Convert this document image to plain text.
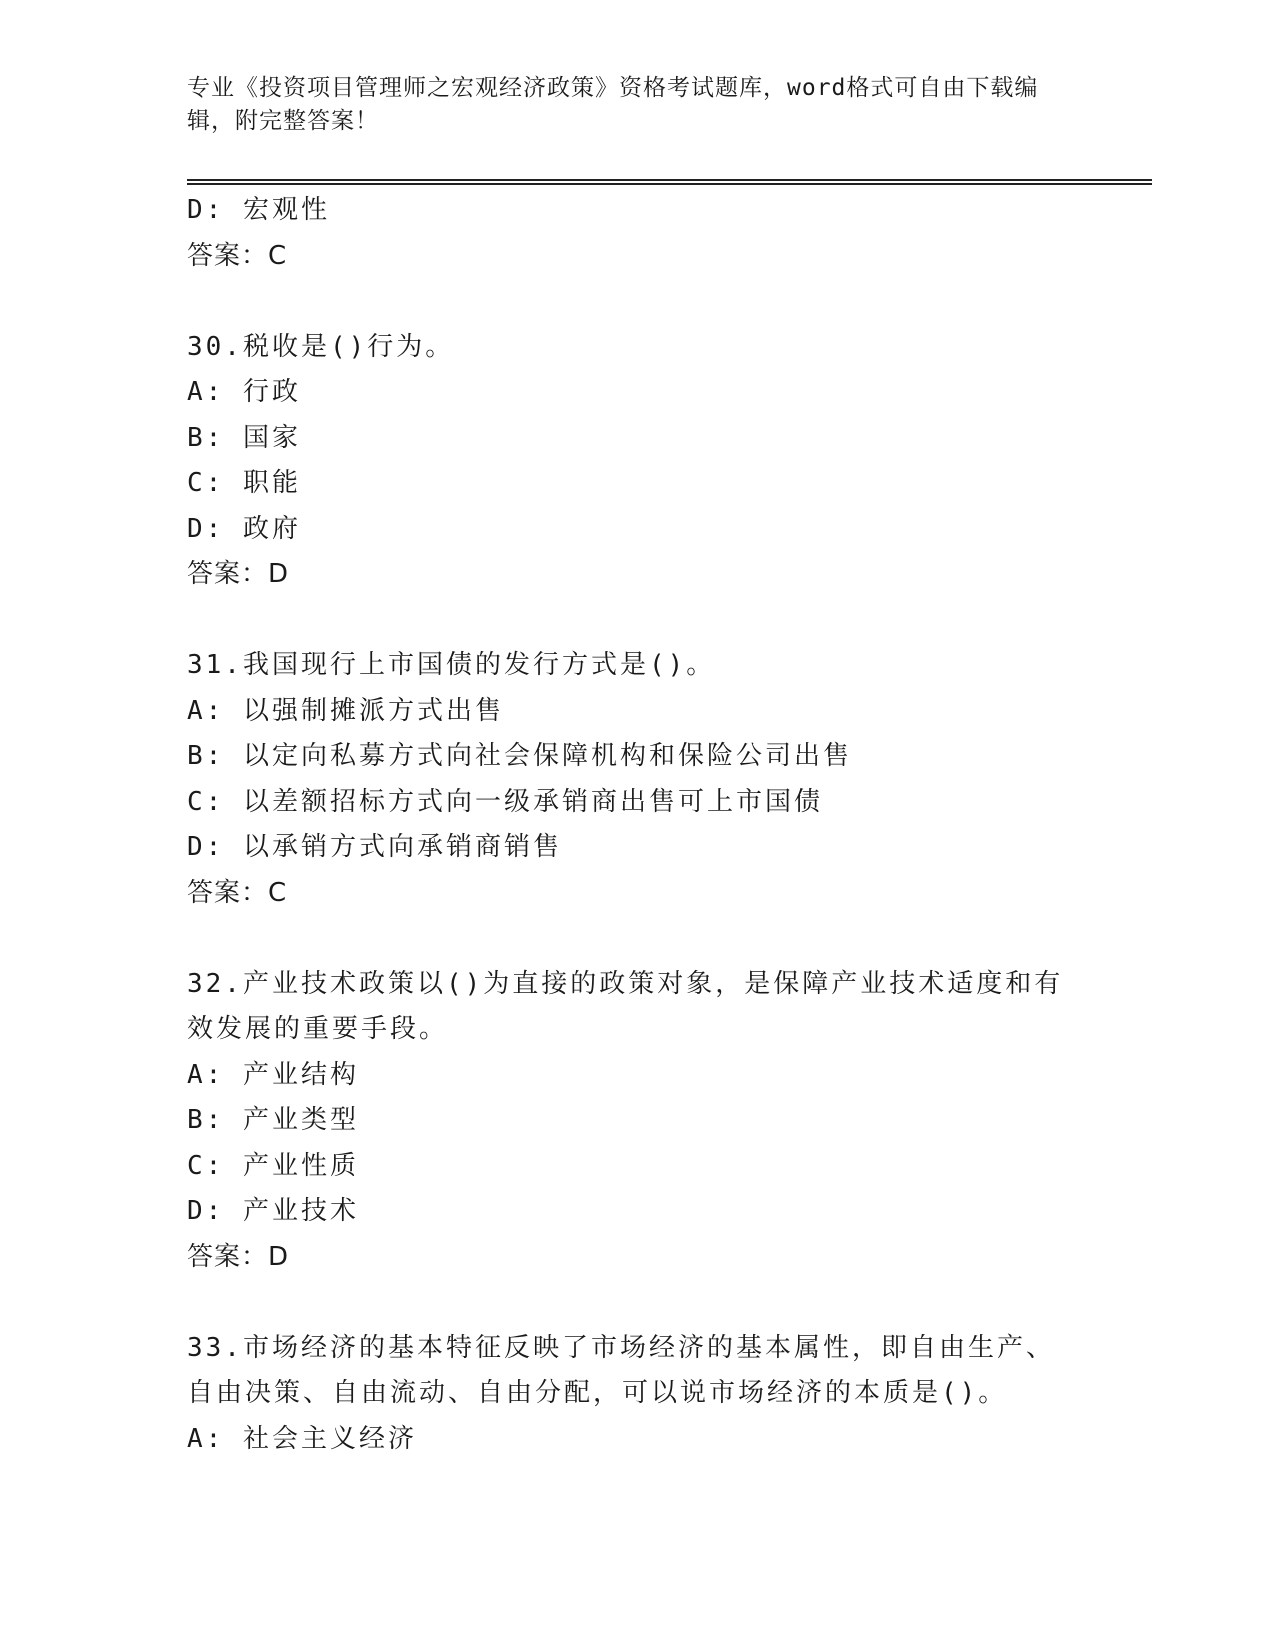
专业《投资项目管理师之宏观经济政策》资格考试题库，word格式可自由下载编辑，附完整答案！
D: 宏观性
答案：C
30.税收是()行为。
A: 行政
B: 国家
C: 职能
D: 政府
答案：D
31.我国现行上市国债的发行方式是()。
A: 以强制摊派方式出售
B: 以定向私募方式向社会保障机构和保险公司出售
C: 以差额招标方式向一级承销商出售可上市国债
D: 以承销方式向承销商销售
答案：C
32.产业技术政策以()为直接的政策对象，是保障产业技术适度和有效发展的重要手段。
A: 产业结构
B: 产业类型
C: 产业性质
D: 产业技术
答案：D
33.市场经济的基本特征反映了市场经济的基本属性，即自由生产、自由决策、自由流动、自由分配，可以说市场经济的本质是()。
A: 社会主义经济
